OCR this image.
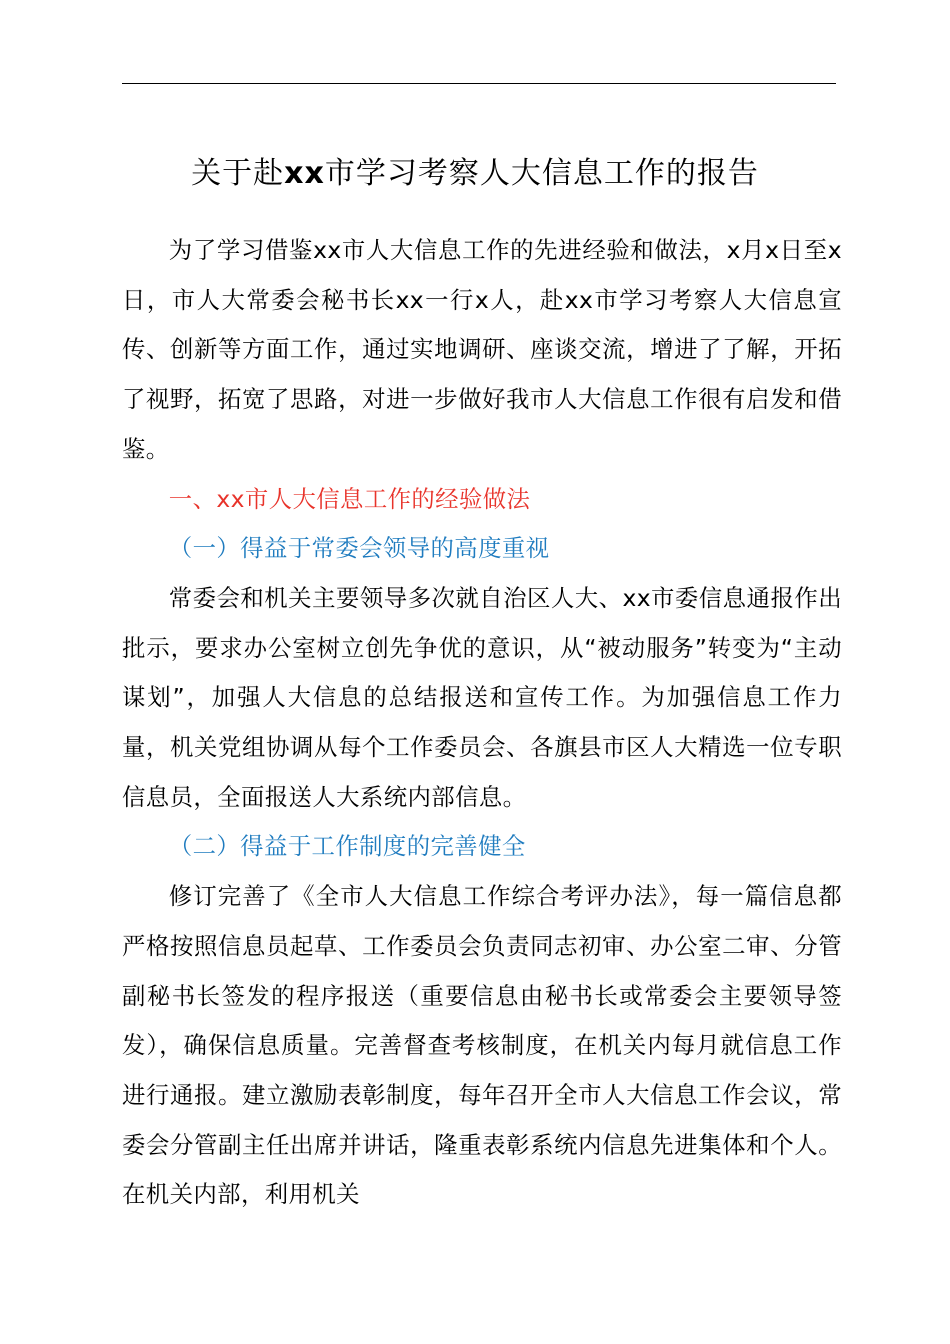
关于赴xx市学习考察人大信息工作的报告

为了学习借鉴xx市人大信息工作的先进经验和做法，x月x日至x日，市人大常委会秘书长xx一行x人，赴xx市学习考察人大信息宣传、创新等方面工作，通过实地调研、座谈交流，增进了了解，开拓了视野，拓宽了思路，对进一步做好我市人大信息工作很有启发和借鉴。

一、xx市人大信息工作的经验做法

（一）得益于常委会领导的高度重视

常委会和机关主要领导多次就自治区人大、xx市委信息通报作出批示，要求办公室树立创先争优的意识，从“被动服务”转变为“主动谋划”，加强人大信息的总结报送和宣传工作。为加强信息工作力量，机关党组协调从每个工作委员会、各旗县市区人大精选一位专职信息员，全面报送人大系统内部信息。

（二）得益于工作制度的完善健全

修订完善了《全市人大信息工作综合考评办法》，每一篇信息都严格按照信息员起草、工作委员会负责同志初审、办公室二审、分管副秘书长签发的程序报送（重要信息由秘书长或常委会主要领导签发），确保信息质量。完善督查考核制度，在机关内每月就信息工作进行通报。建立激励表彰制度，每年召开全市人大信息工作会议，常委会分管副主任出席并讲话，隆重表彰系统内信息先进集体和个人。在机关内部，利用机关
